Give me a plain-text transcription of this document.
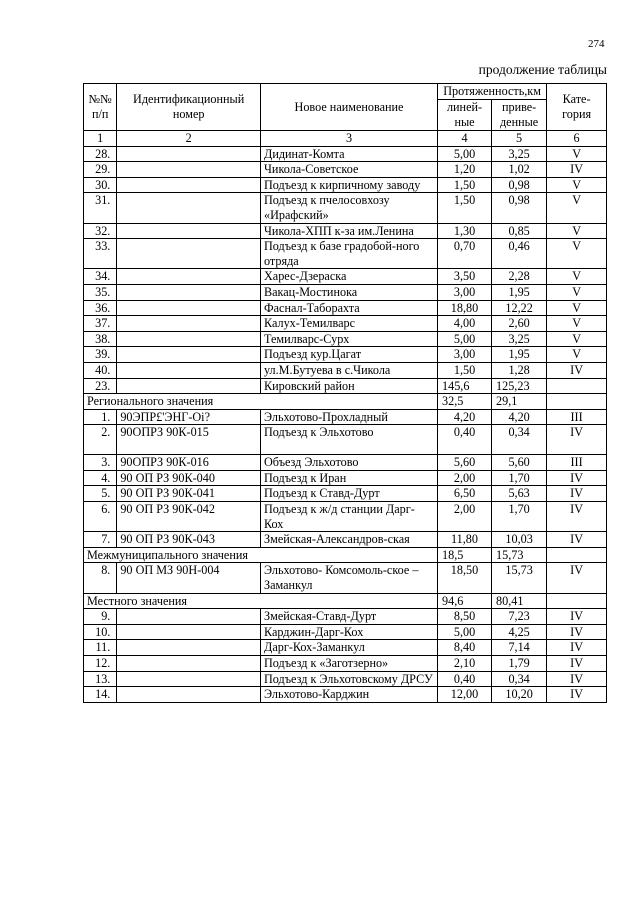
274
продолжение таблицы
№№ п/п	Идентификационный номер	Новое наименование	Протяженность,км		Кате-гория
			линей-ные	приве-денные	
1	2	3	4	5	6
28.		Дидинат-Комта	5,00	3,25	V
29.		Чикола-Советское	1,20	1,02	IV
30.		Подъезд к кирпичному заводу	1,50	0,98	V
31.		Подъезд к пчелосовхозу «Ирафский»	1,50	0,98	V
32.		Чикола-ХПП к-за им.Ленина	1,30	0,85	V
33.		Подъезд к базе градобой-ного отряда	0,70	0,46	V
34.		Харес-Дзераска	3,50	2,28	V
35.		Вакац-Мостинока	3,00	1,95	V
36.		Фаснал-Таборахта	18,80	12,22	V
37.		Калух-Темилварс	4,00	2,60	V
38.		Темилварс-Сурх	5,00	3,25	V
39.		Подъезд кур.Цагат	3,00	1,95	V
40.		ул.М.Бутуева в с.Чикола	1,50	1,28	IV
23.		Кировский район	145,6	125,23	
Регионального значения			32,5	29,1	
1.	90ЭПР£'ЭНГ-Оі?	Эльхотово-Прохладный	4,20	4,20	III
2.	90ОПРЗ 90К-015	Подъезд к Эльхотово	0,40	0,34	IV
3.	90ОПРЗ 90К-016	Объезд Эльхотово	5,60	5,60	III
4.	90 ОП РЗ 90К-040	Подъезд к Иран	2,00	1,70	IV
5.	90 ОП РЗ 90К-041	Подъезд к Ставд-Дурт	6,50	5,63	IV
6.	90 ОП РЗ 90К-042	Подъезд к ж/д станции Дарг-Кох	2,00	1,70	IV
7.	90 ОП РЗ 90К-043	Змейская-Александров-ская	11,80	10,03	IV
Межмуниципального значения			18,5	15,73	
8.	90 ОП МЗ 90Н-004	Эльхотово- Комсомоль-ское –Заманкул	18,50	15,73	IV
Местного значения			94,6	80,41	
9.		Змейская-Ставд-Дурт	8,50	7,23	IV
10.		Карджин-Дарг-Кох	5,00	4,25	IV
11.		Дарг-Кох-Заманкул	8,40	7,14	IV
12.		Подъезд к «Заготзерно»	2,10	1,79	IV
13.		Подъезд к Эльхотовскому ДРСУ	0,40	0,34	IV
14.		Эльхотово-Карджин	12,00	10,20	IV
